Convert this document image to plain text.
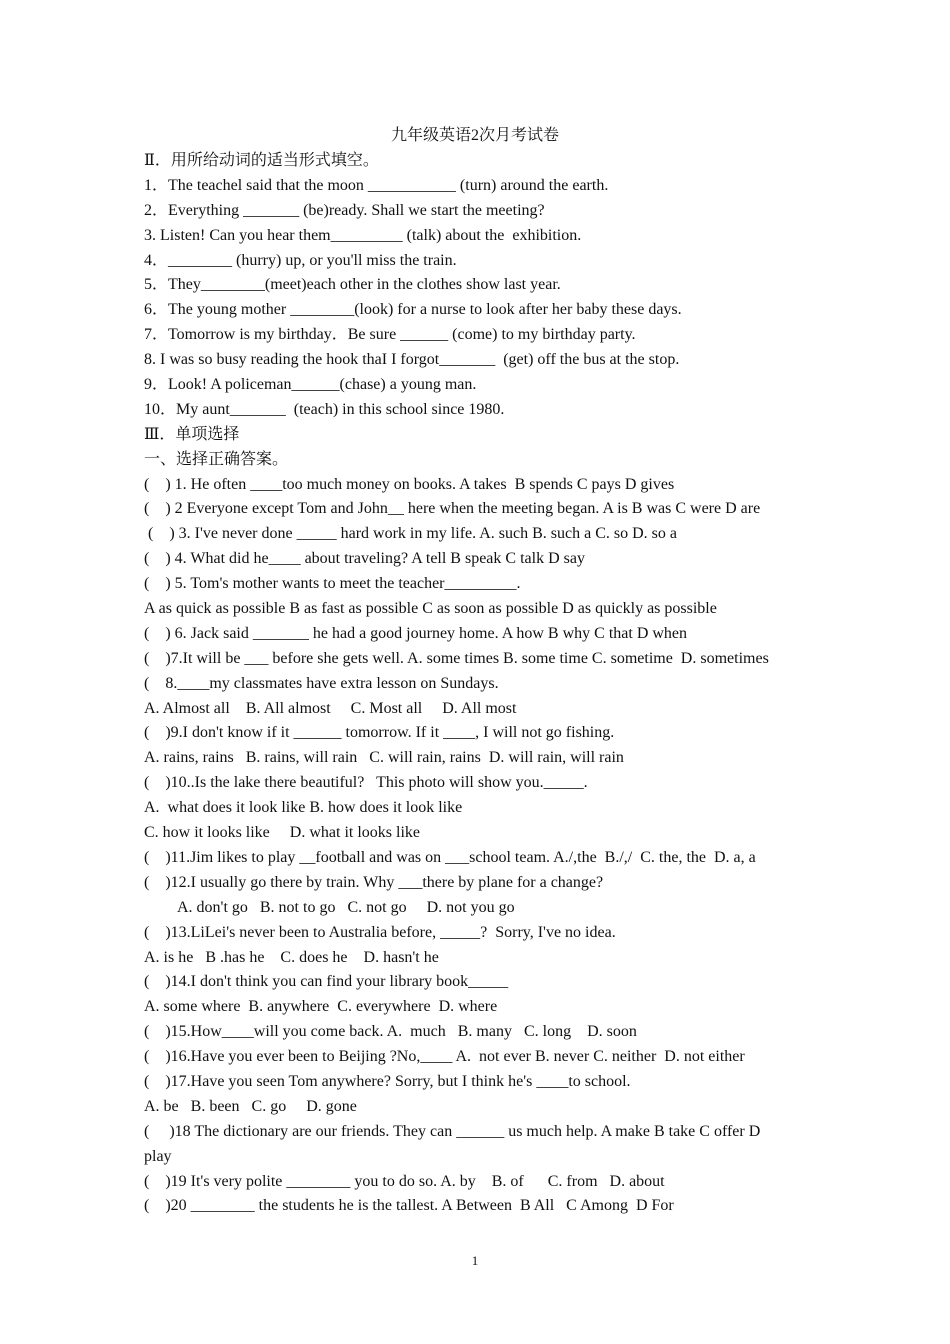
九年级英语2次月考试卷
Ⅱ．用所给动词的适当形式填空。
1．The teachel said that the moon ___________ (turn) around the earth.
2．Everything _______ (be)ready. Shall we start the meeting?
3. Listen! Can you hear them_________ (talk) about the  exhibition.
4．________ (hurry) up, or you'll miss the train.
5．They________(meet)each other in the clothes show last year.
6．The young mother ________(look) for a nurse to look after her baby these days.
7．Tomorrow is my birthday．Be sure ______ (come) to my birthday party.
8. I was so busy reading the hook thaI I forgot_______  (get) off the bus at the stop.
9．Look! A policeman______(chase) a young man.
10．My aunt_______  (teach) in this school since 1980.
Ⅲ．单项选择
一、选择正确答案。
(    ) 1. He often ____too much money on books. A takes  B spends C pays D gives
(    ) 2 Everyone except Tom and John__ here when the meeting began. A is B was C were D are
(    ) 3. I've never done _____ hard work in my life. A. such B. such a C. so D. so a
(    ) 4. What did he____ about traveling? A tell B speak C talk D say
(    ) 5. Tom's mother wants to meet the teacher_________.
A as quick as possible B as fast as possible C as soon as possible D as quickly as possible
(    ) 6. Jack said _______ he had a good journey home. A how B why C that D when
(    )7.It will be ___ before she gets well. A. some times B. some time C. sometime  D. sometimes
(    8.____my classmates have extra lesson on Sundays.
A. Almost all    B. All almost     C. Most all     D. All most
(    )9.I don't know if it ______ tomorrow. If it ____, I will not go fishing.
A. rains, rains   B. rains, will rain   C. will rain, rains  D. will rain, will rain
(    )10..Is the lake there beautiful?   This photo will show you._____.
A.  what does it look like B. how does it look like
C. how it looks like     D. what it looks like
(    )11.Jim likes to play __football and was on ___school team. A./,the  B./,/  C. the, the  D. a, a
(    )12.I usually go there by train. Why ___there by plane for a change?
A. don't go   B. not to go   C. not go     D. not you go
(    )13.LiLei's never been to Australia before, _____?  Sorry, I've no idea.
A. is he   B .has he    C. does he    D. hasn't he
(    )14.I don't think you can find your library book_____
A. some where  B. anywhere  C. everywhere  D. where
(    )15.How____will you come back. A.  much   B. many   C. long    D. soon
(    )16.Have you ever been to Beijing ?No,____ A.  not ever B. never C. neither  D. not either
(    )17.Have you seen Tom anywhere? Sorry, but I think he's ____to school.
A. be   B. been   C. go     D. gone
(     )18 The dictionary are our friends. They can ______ us much help. A make B take C offer D
play
(    )19 It's very polite ________ you to do so. A. by    B. of      C. from   D. about
(    )20 ________ the students he is the tallest. A Between  B All   C Among  D For
1
